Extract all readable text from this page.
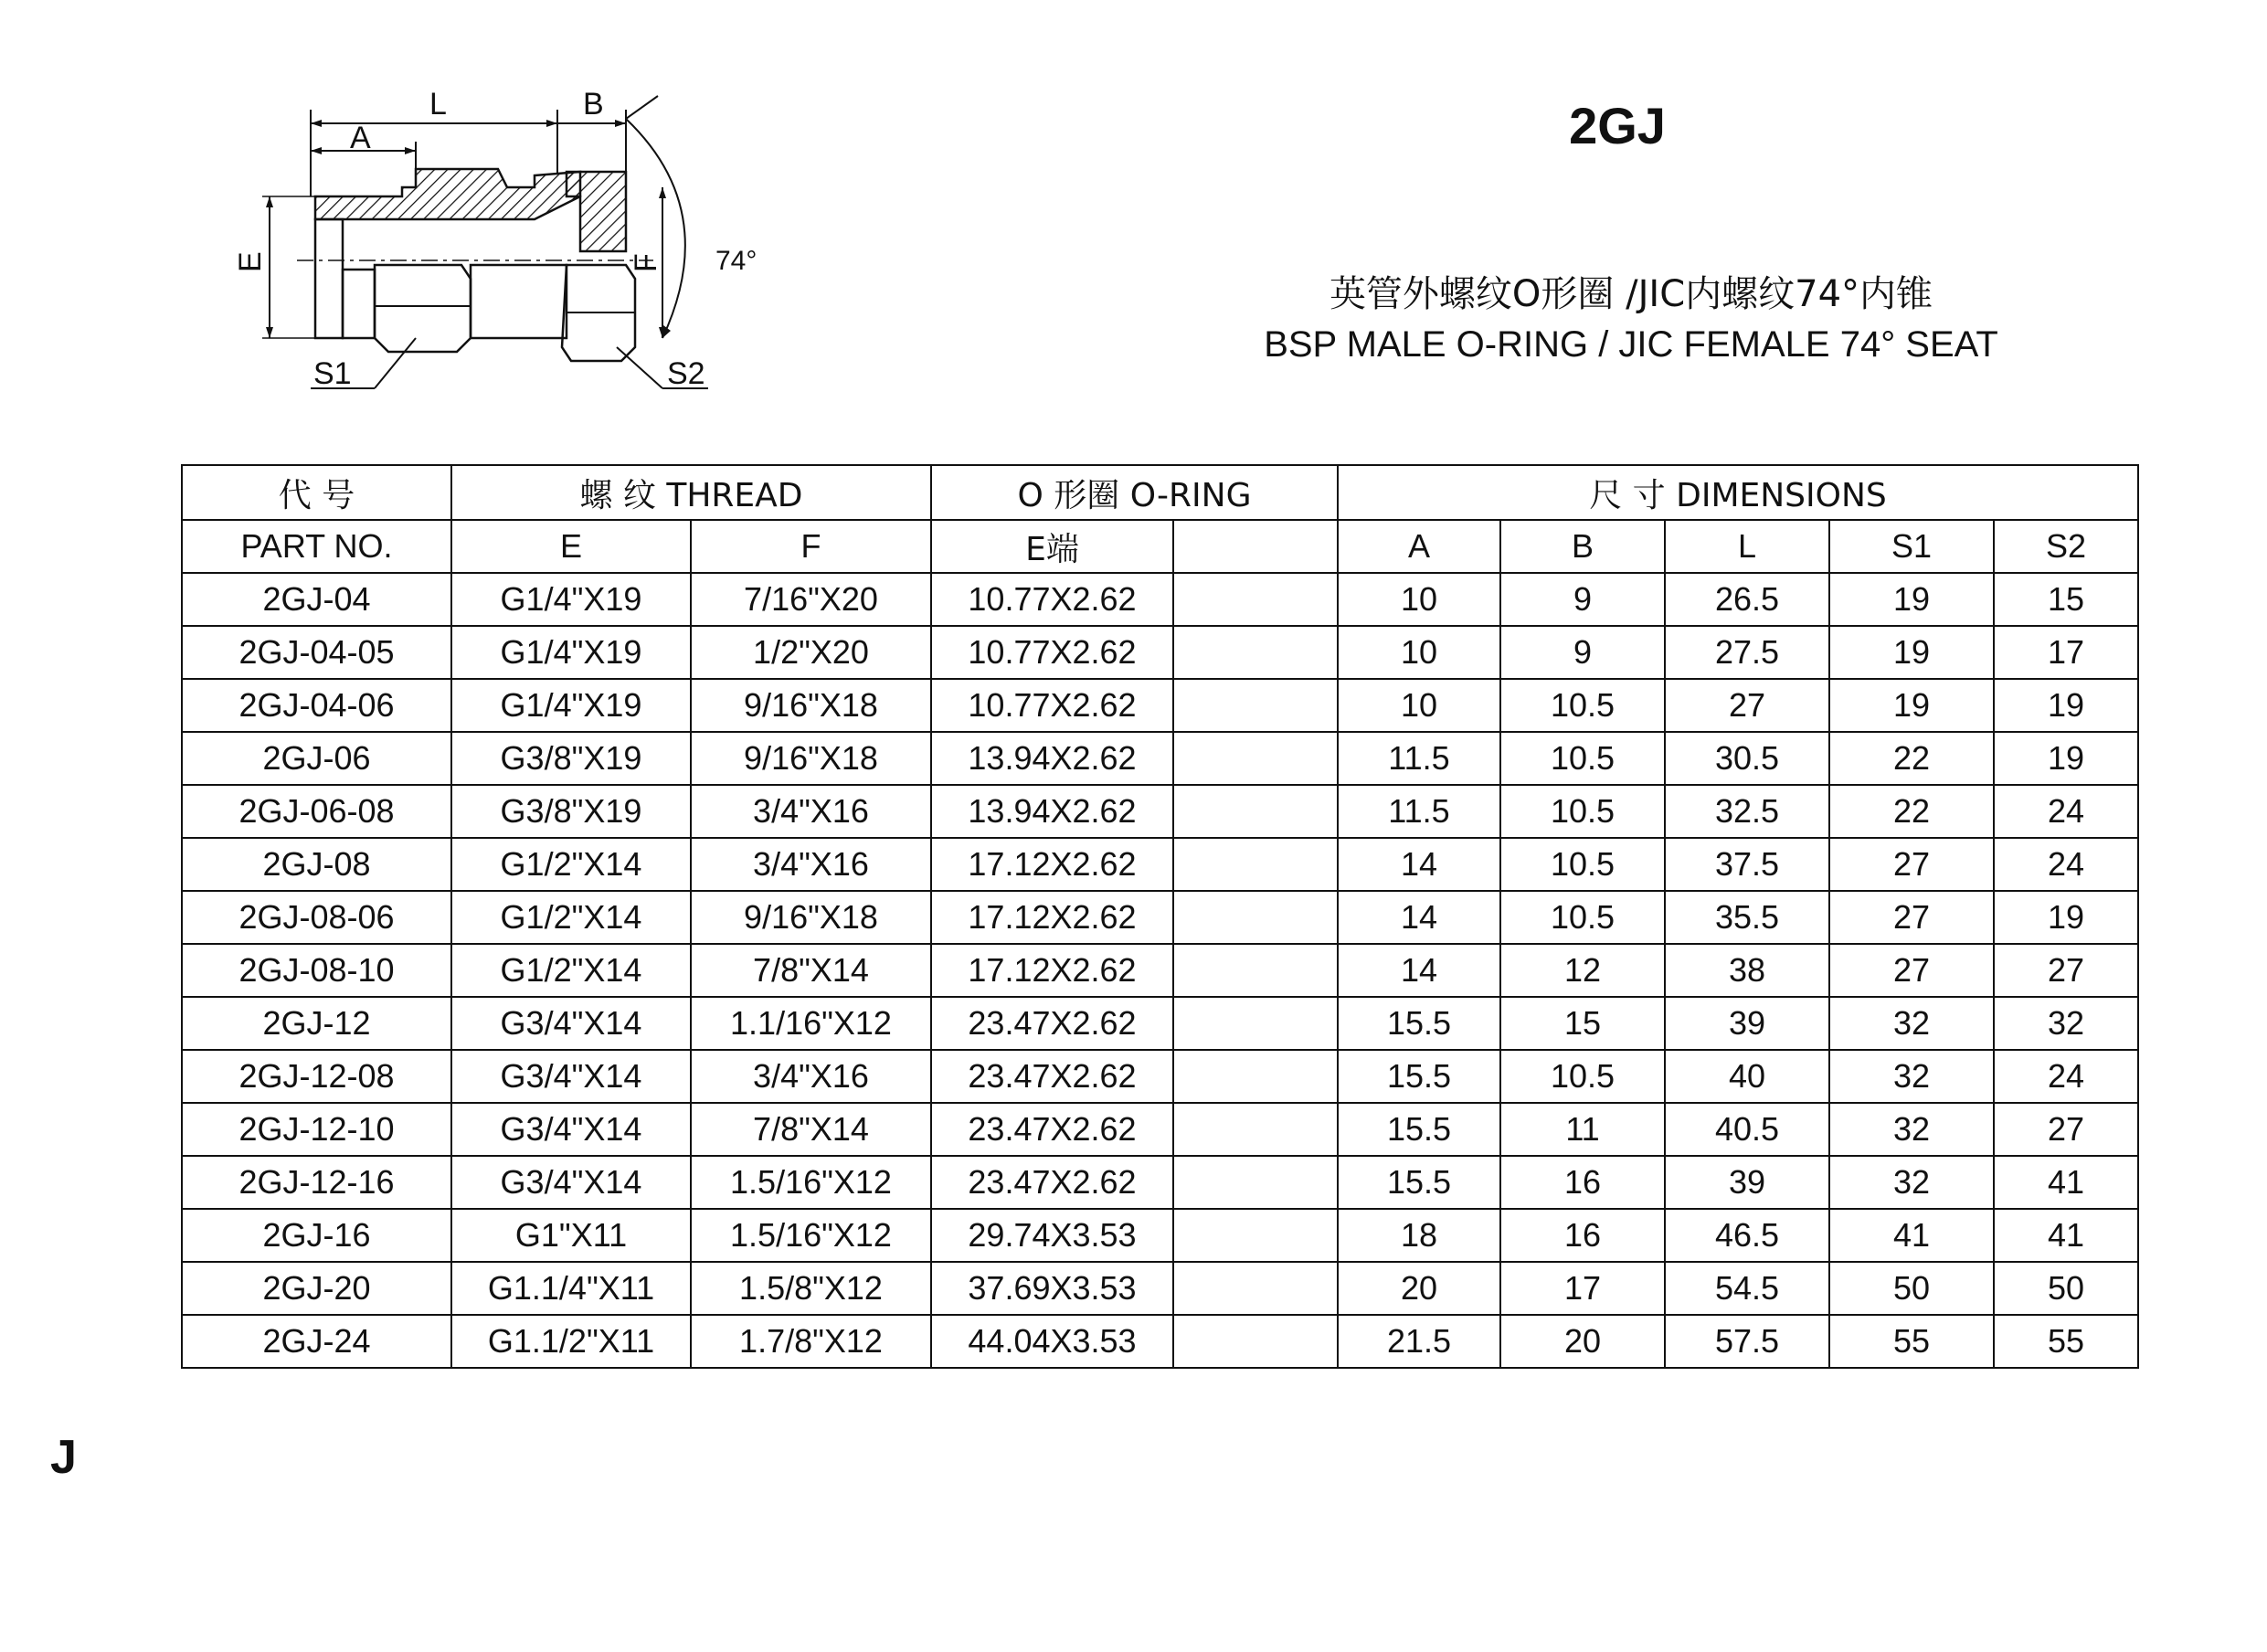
L
A
B
E	F 74°
S1	S2
2GJ
英管外螺纹O形圈 /JIC内螺纹74°内锥
BSP MALE O-RING / JIC FEMALE 74° SEAT
代 号	螺 纹 THREAD		O 形圈 O-RING		尺 寸 DIMENSIONS				
PART NO.	E	F	E端		A	B	L	S1	S2
2GJ-04	G1/4"X19	7/16"X20	10.77X2.62		10	9	26.5	19	15
2GJ-04-05	G1/4"X19	1/2"X20	10.77X2.62		10	9	27.5	19	17
2GJ-04-06	G1/4"X19	9/16"X18	10.77X2.62		10	10.5	27	19	19
2GJ-06	G3/8"X19	9/16"X18	13.94X2.62		11.5	10.5	30.5	22	19
2GJ-06-08	G3/8"X19	3/4"X16	13.94X2.62		11.5	10.5	32.5	22	24
2GJ-08	G1/2"X14	3/4"X16	17.12X2.62		14	10.5	37.5	27	24
2GJ-08-06	G1/2"X14	9/16"X18	17.12X2.62		14	10.5	35.5	27	19
2GJ-08-10	G1/2"X14	7/8"X14	17.12X2.62		14	12	38	27	27
2GJ-12	G3/4"X14	1.1/16"X12	23.47X2.62		15.5	15	39	32	32
2GJ-12-08	G3/4"X14	3/4"X16	23.47X2.62		15.5	10.5	40	32	24
2GJ-12-10	G3/4"X14	7/8"X14	23.47X2.62		15.5	11	40.5	32	27
2GJ-12-16	G3/4"X14	1.5/16"X12	23.47X2.62		15.5	16	39	32	41
2GJ-16	G1"X11	1.5/16"X12	29.74X3.53		18	16	46.5	41	41
2GJ-20	G1.1/4"X11	1.5/8"X12	37.69X3.53		20	17	54.5	50	50
2GJ-24	G1.1/2"X11	1.7/8"X12	44.04X3.53		21.5	20	57.5	55	55
J
